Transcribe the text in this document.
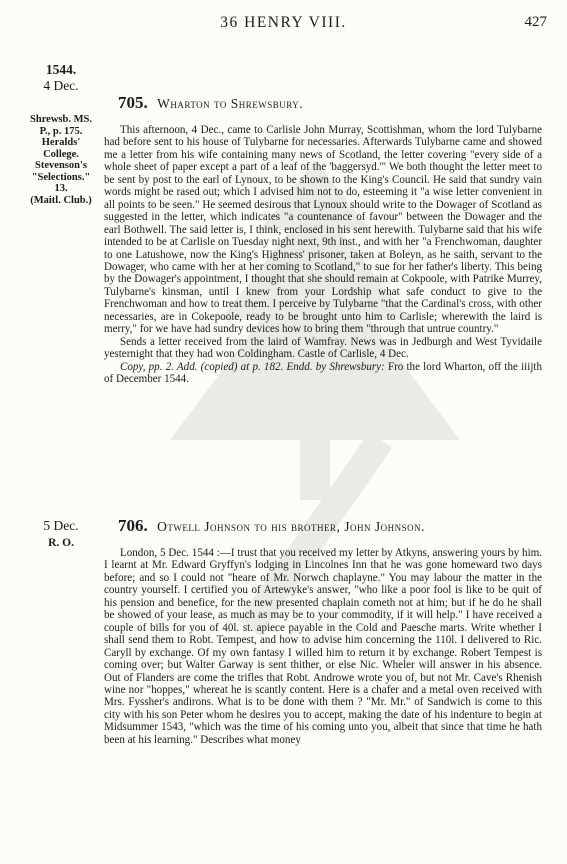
36 HENRY VIII.	427
1544.
4 Dec.
Shrewsb. MS.
P., p. 175.
Heralds'
College.
Stevenson's
"Selections."
13.
(Maitl. Club.)
705. Wharton to Shrewsbury.

This afternoon, 4 Dec., came to Carlisle John Murray, Scottishman, whom the lord Tulybarne had before sent to his house of Tulybarne for necessaries. Afterwards Tulybarne came and showed me a letter from his wife containing many news of Scotland, the letter covering "every side of a whole sheet of paper except a part of a leaf of the 'baggersyd.'" We both thought the letter meet to be sent by post to the earl of Lynoux, to be shown to the King's Council. He said that sundry vain words might be rased out; which I advised him not to do, esteeming it "a wise letter convenient in all points to be seen." He seemed desirous that Lynoux should write to the Dowager of Scotland as suggested in the letter, which indicates "a countenance of favour" between the Dowager and the earl Bothwell. The said letter is, I think, enclosed in his sent herewith. Tulybarne said that his wife intended to be at Carlisle on Tuesday night next, 9th inst., and with her "a Frenchwoman, daughter to one Latushowe, now the King's Highness' prisoner, taken at Boleyn, as he saith, servant to the Dowager, who came with her at her coming to Scotland," to sue for her father's liberty. This being by the Dowager's appointment, I thought that she should remain at Cokpoole, with Patrike Murrey, Tulybarne's kinsman, until I knew from your Lordship what safe conduct to give to the Frenchwoman and how to treat them. I perceive by Tulybarne "that the Cardinal's cross, with other necessaries, are in Cokepoole, ready to be brought unto him to Carlisle; wherewith the laird is merry," for we have had sundry devices how to bring them "through that untrue country."

Sends a letter received from the laird of Wamfray. News was in Jedburgh and West Tyvidaile yesternight that they had won Coldingham. Castle of Carlisle, 4 Dec.

Copy, pp. 2. Add. (copied) at p. 182. Endd. by Shrewsbury: Fro the lord Wharton, off the iiijth of December 1544.

5 Dec.
R. O.
706. Otwell Johnson to his brother, John Johnson.

London, 5 Dec. 1544 :—I trust that you received my letter by Atkyns, answering yours by him. I learnt at Mr. Edward Gryffyn's lodging in Lincolnes Inn that he was gone homeward two days before; and so I could not "heare of Mr. Norwch chaplayne." You may labour the matter in the country yourself. I certified you of Artewyke's answer, "who like a poor fool is like to be quit of his pension and benefice, for the new presented chaplain cometh not at him; but if he do he shall be showed of your lease, as much as may be to your commodity, if it will help." I have received a couple of bills for you of 40l. st. apiece payable in the Cold and Paesche marts. Write whether I shall send them to Robt. Tempest, and how to advise him concerning the 110l. I delivered to Ric. Caryll by exchange. Of my own fantasy I willed him to return it by exchange. Robert Tempest is coming over; but Walter Garway is sent thither, or else Nic. Wheler will answer in his absence. Out of Flanders are come the trifles that Robt. Androwe wrote you of, but not Mr. Cave's Rhenish wine nor "hoppes," whereat he is scantly content. Here is a chafer and a metal oven received with Mrs. Fyssher's andirons. What is to be done with them ? "Mr. Mr." of Sandwich is come to this city with his son Peter whom he desires you to accept, making the date of his indenture to begin at Midsummer 1543, "which was the time of his coming unto you, albeit that since that time he hath been at his learning." Describes what money
